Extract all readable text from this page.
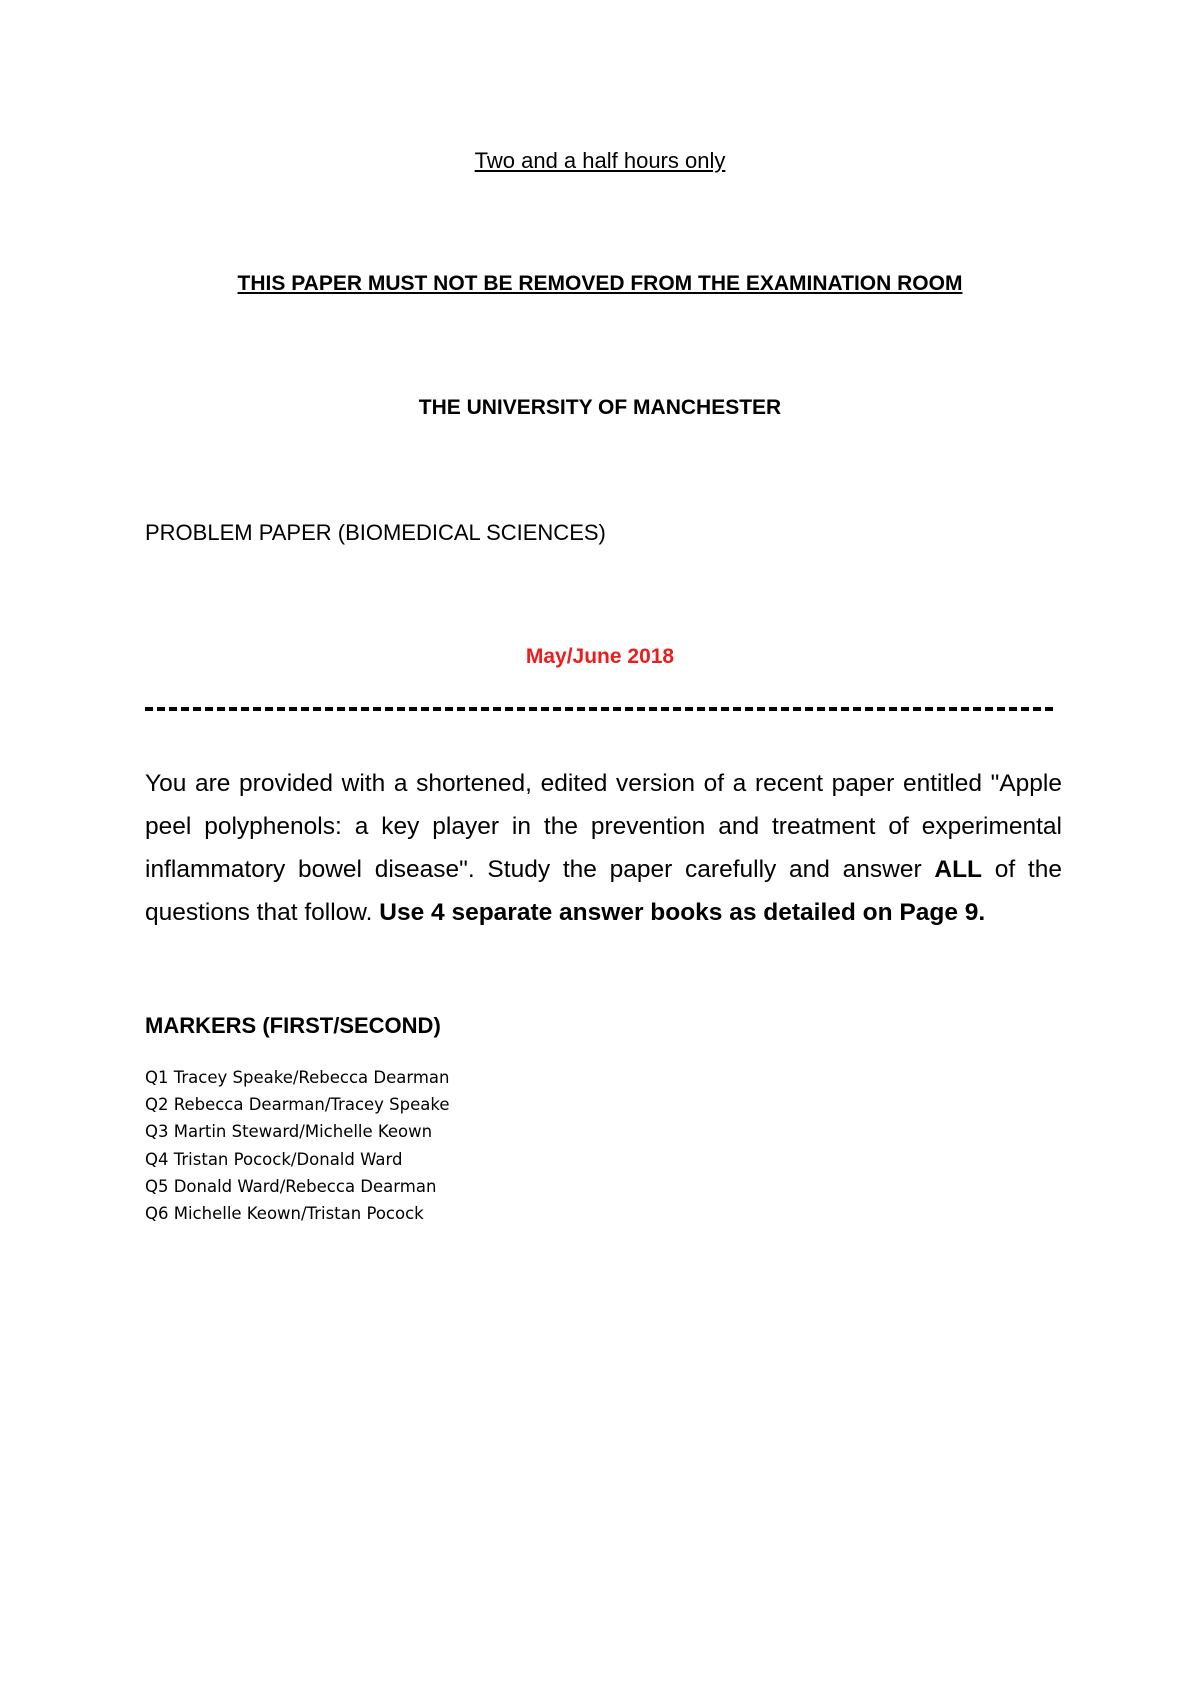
Two and a half hours only
THIS PAPER MUST NOT BE REMOVED FROM THE EXAMINATION ROOM
THE UNIVERSITY OF MANCHESTER
PROBLEM PAPER (BIOMEDICAL SCIENCES)
May/June 2018
You are provided with a shortened, edited version of a recent paper entitled "Apple peel polyphenols: a key player in the prevention and treatment of experimental inflammatory bowel disease". Study the paper carefully and answer ALL of the questions that follow. Use 4 separate answer books as detailed on Page 9.
MARKERS (FIRST/SECOND)
Q1 Tracey Speake/Rebecca Dearman
Q2 Rebecca Dearman/Tracey Speake
Q3 Martin Steward/Michelle Keown
Q4 Tristan Pocock/Donald Ward
Q5 Donald Ward/Rebecca Dearman
Q6 Michelle Keown/Tristan Pocock
